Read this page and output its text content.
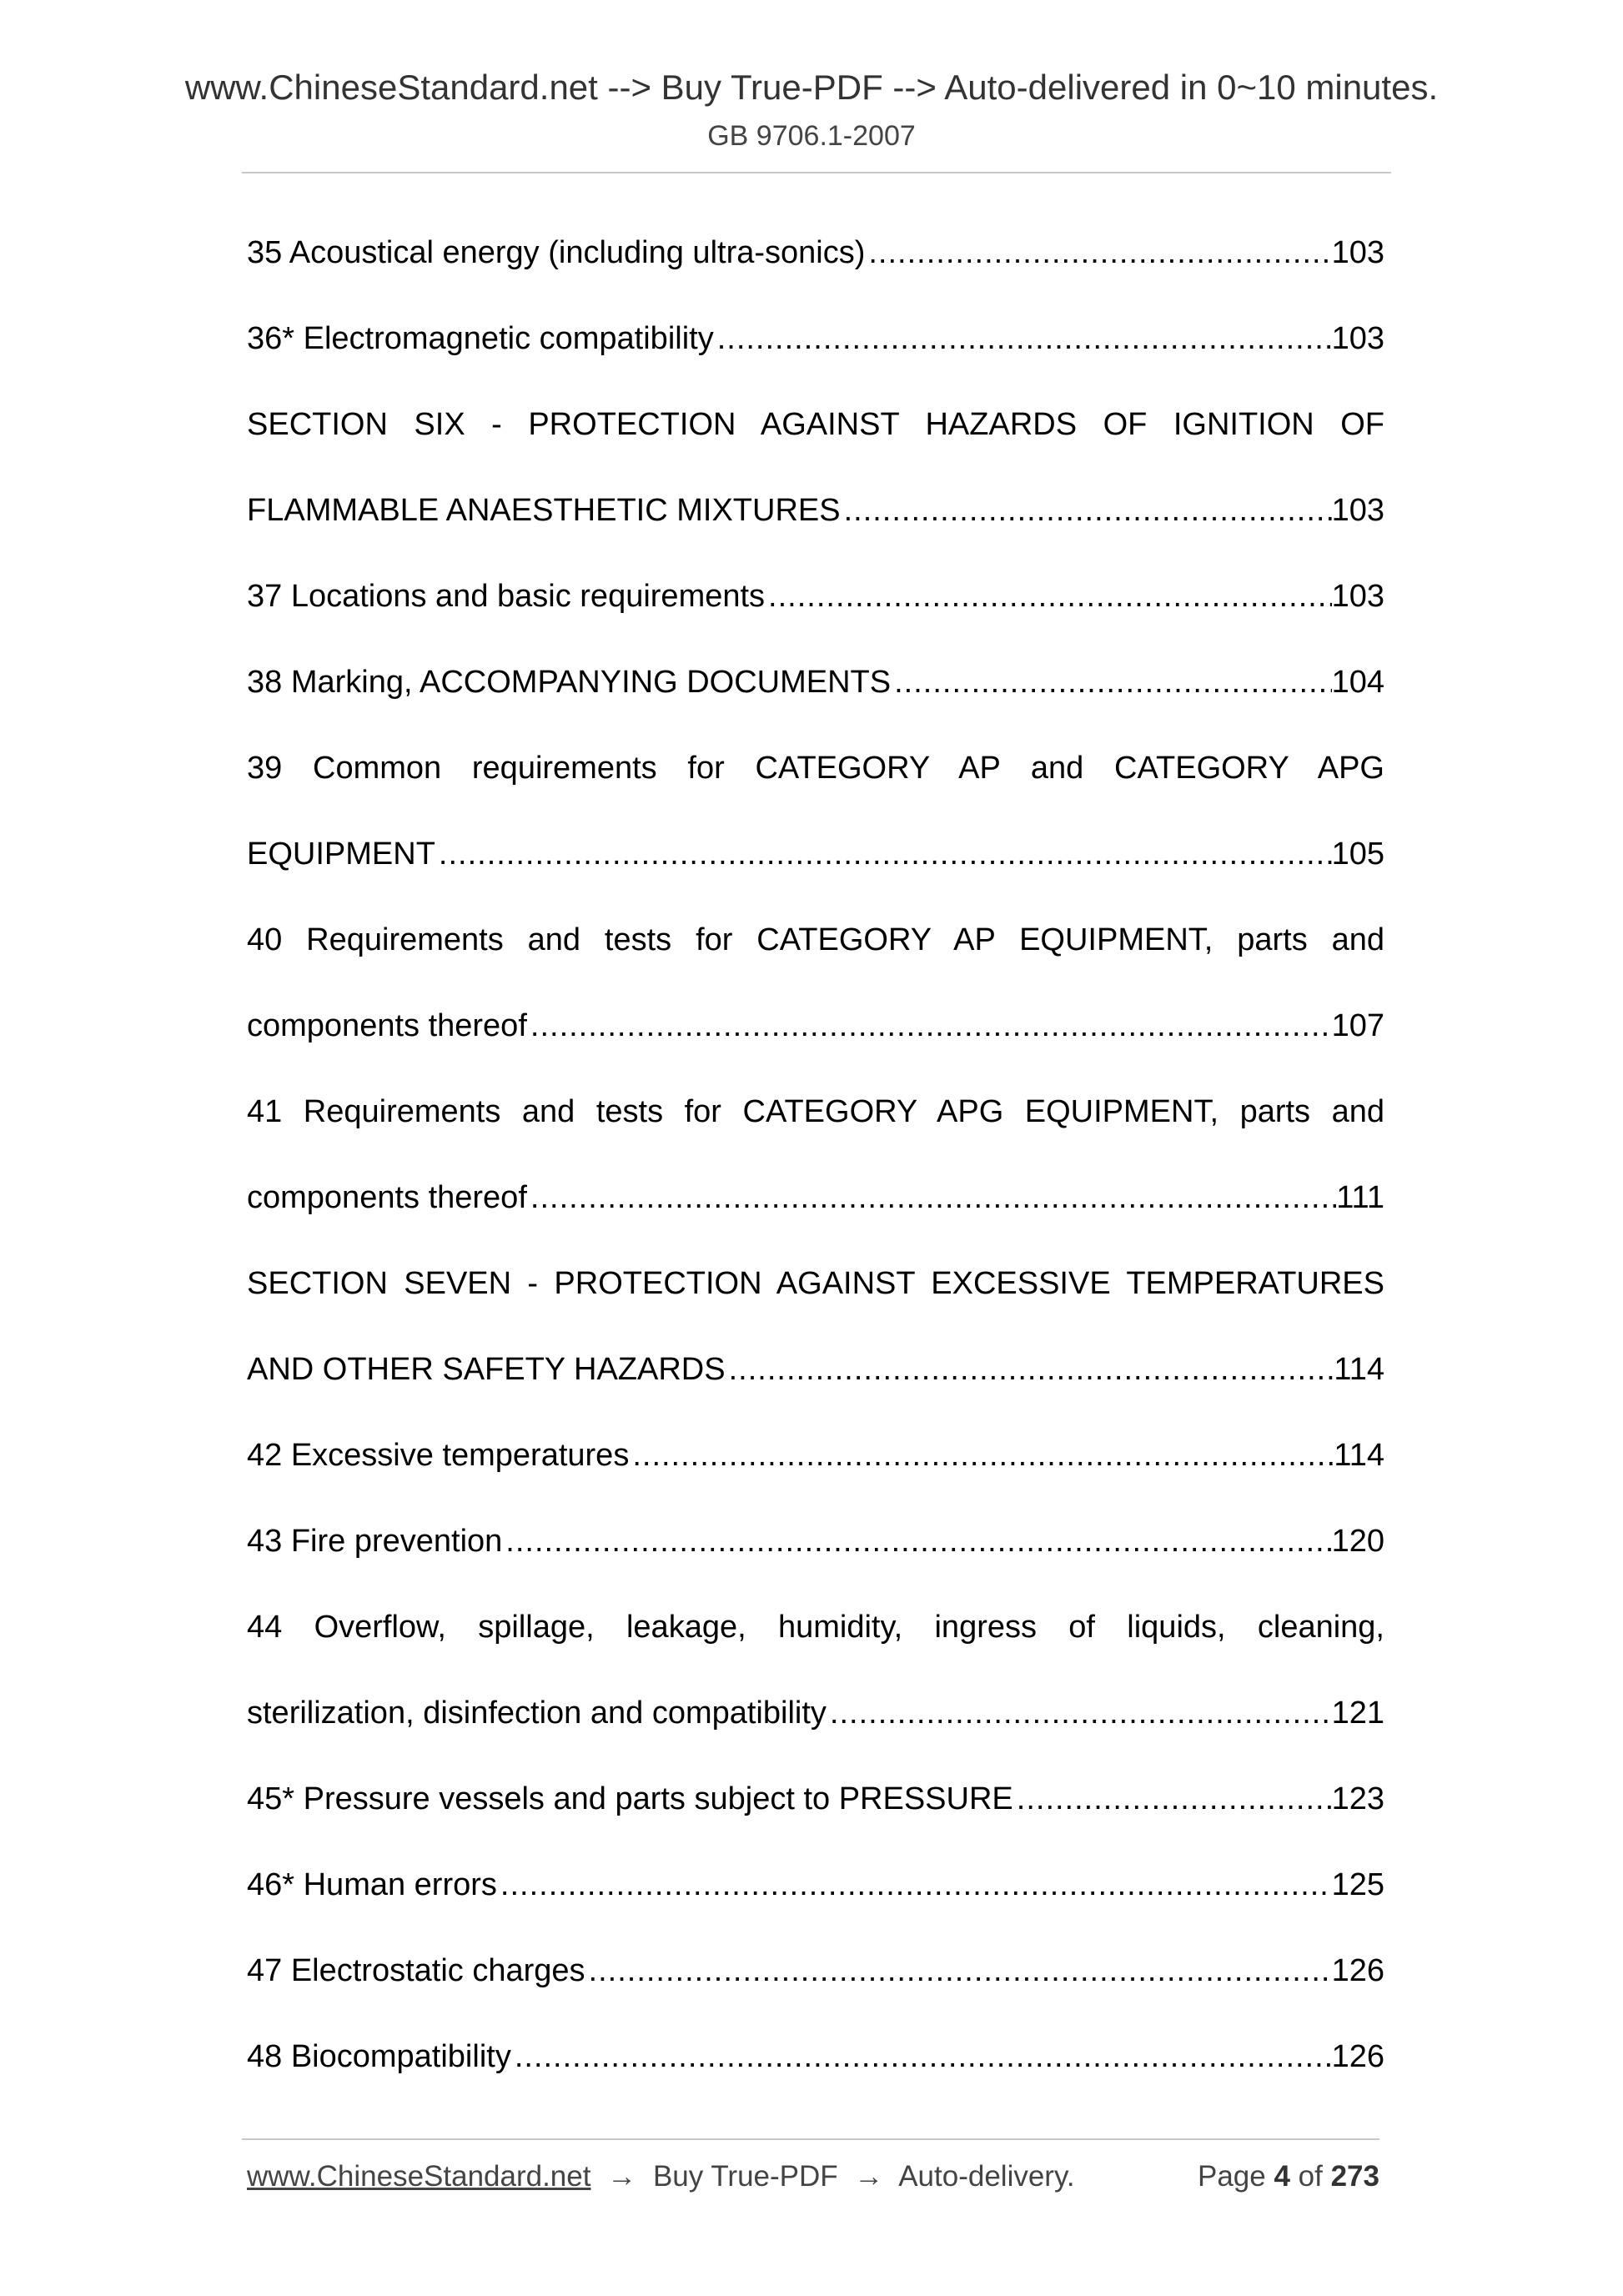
www.ChineseStandard.net --> Buy True-PDF --> Auto-delivered in 0~10 minutes.
GB 9706.1-2007
35 Acoustical energy (including ultra-sonics) .....	103
36* Electromagnetic compatibility .....	103
SECTION SIX - PROTECTION AGAINST HAZARDS OF IGNITION OF
FLAMMABLE ANAESTHETIC MIXTURES .....	103
37 Locations and basic requirements .....	103
38 Marking, ACCOMPANYING DOCUMENTS .....	104
39 Common requirements for CATEGORY AP and CATEGORY APG
EQUIPMENT .....	105
40 Requirements and tests for CATEGORY AP EQUIPMENT, parts and
components thereof .....	107
41 Requirements and tests for CATEGORY APG EQUIPMENT, parts and
components thereof .....	111
SECTION SEVEN - PROTECTION AGAINST EXCESSIVE TEMPERATURES
AND OTHER SAFETY HAZARDS .....	114
42 Excessive temperatures .....	114
43 Fire prevention .....	120
44 Overflow, spillage, leakage, humidity, ingress of liquids, cleaning,
sterilization, disinfection and compatibility .....	121
45* Pressure vessels and parts subject to PRESSURE .....	123
46* Human errors .....	125
47 Electrostatic charges .....	126
48 Biocompatibility .....	126
www.ChineseStandard.net → Buy True-PDF → Auto-delivery.	Page 4 of 273
